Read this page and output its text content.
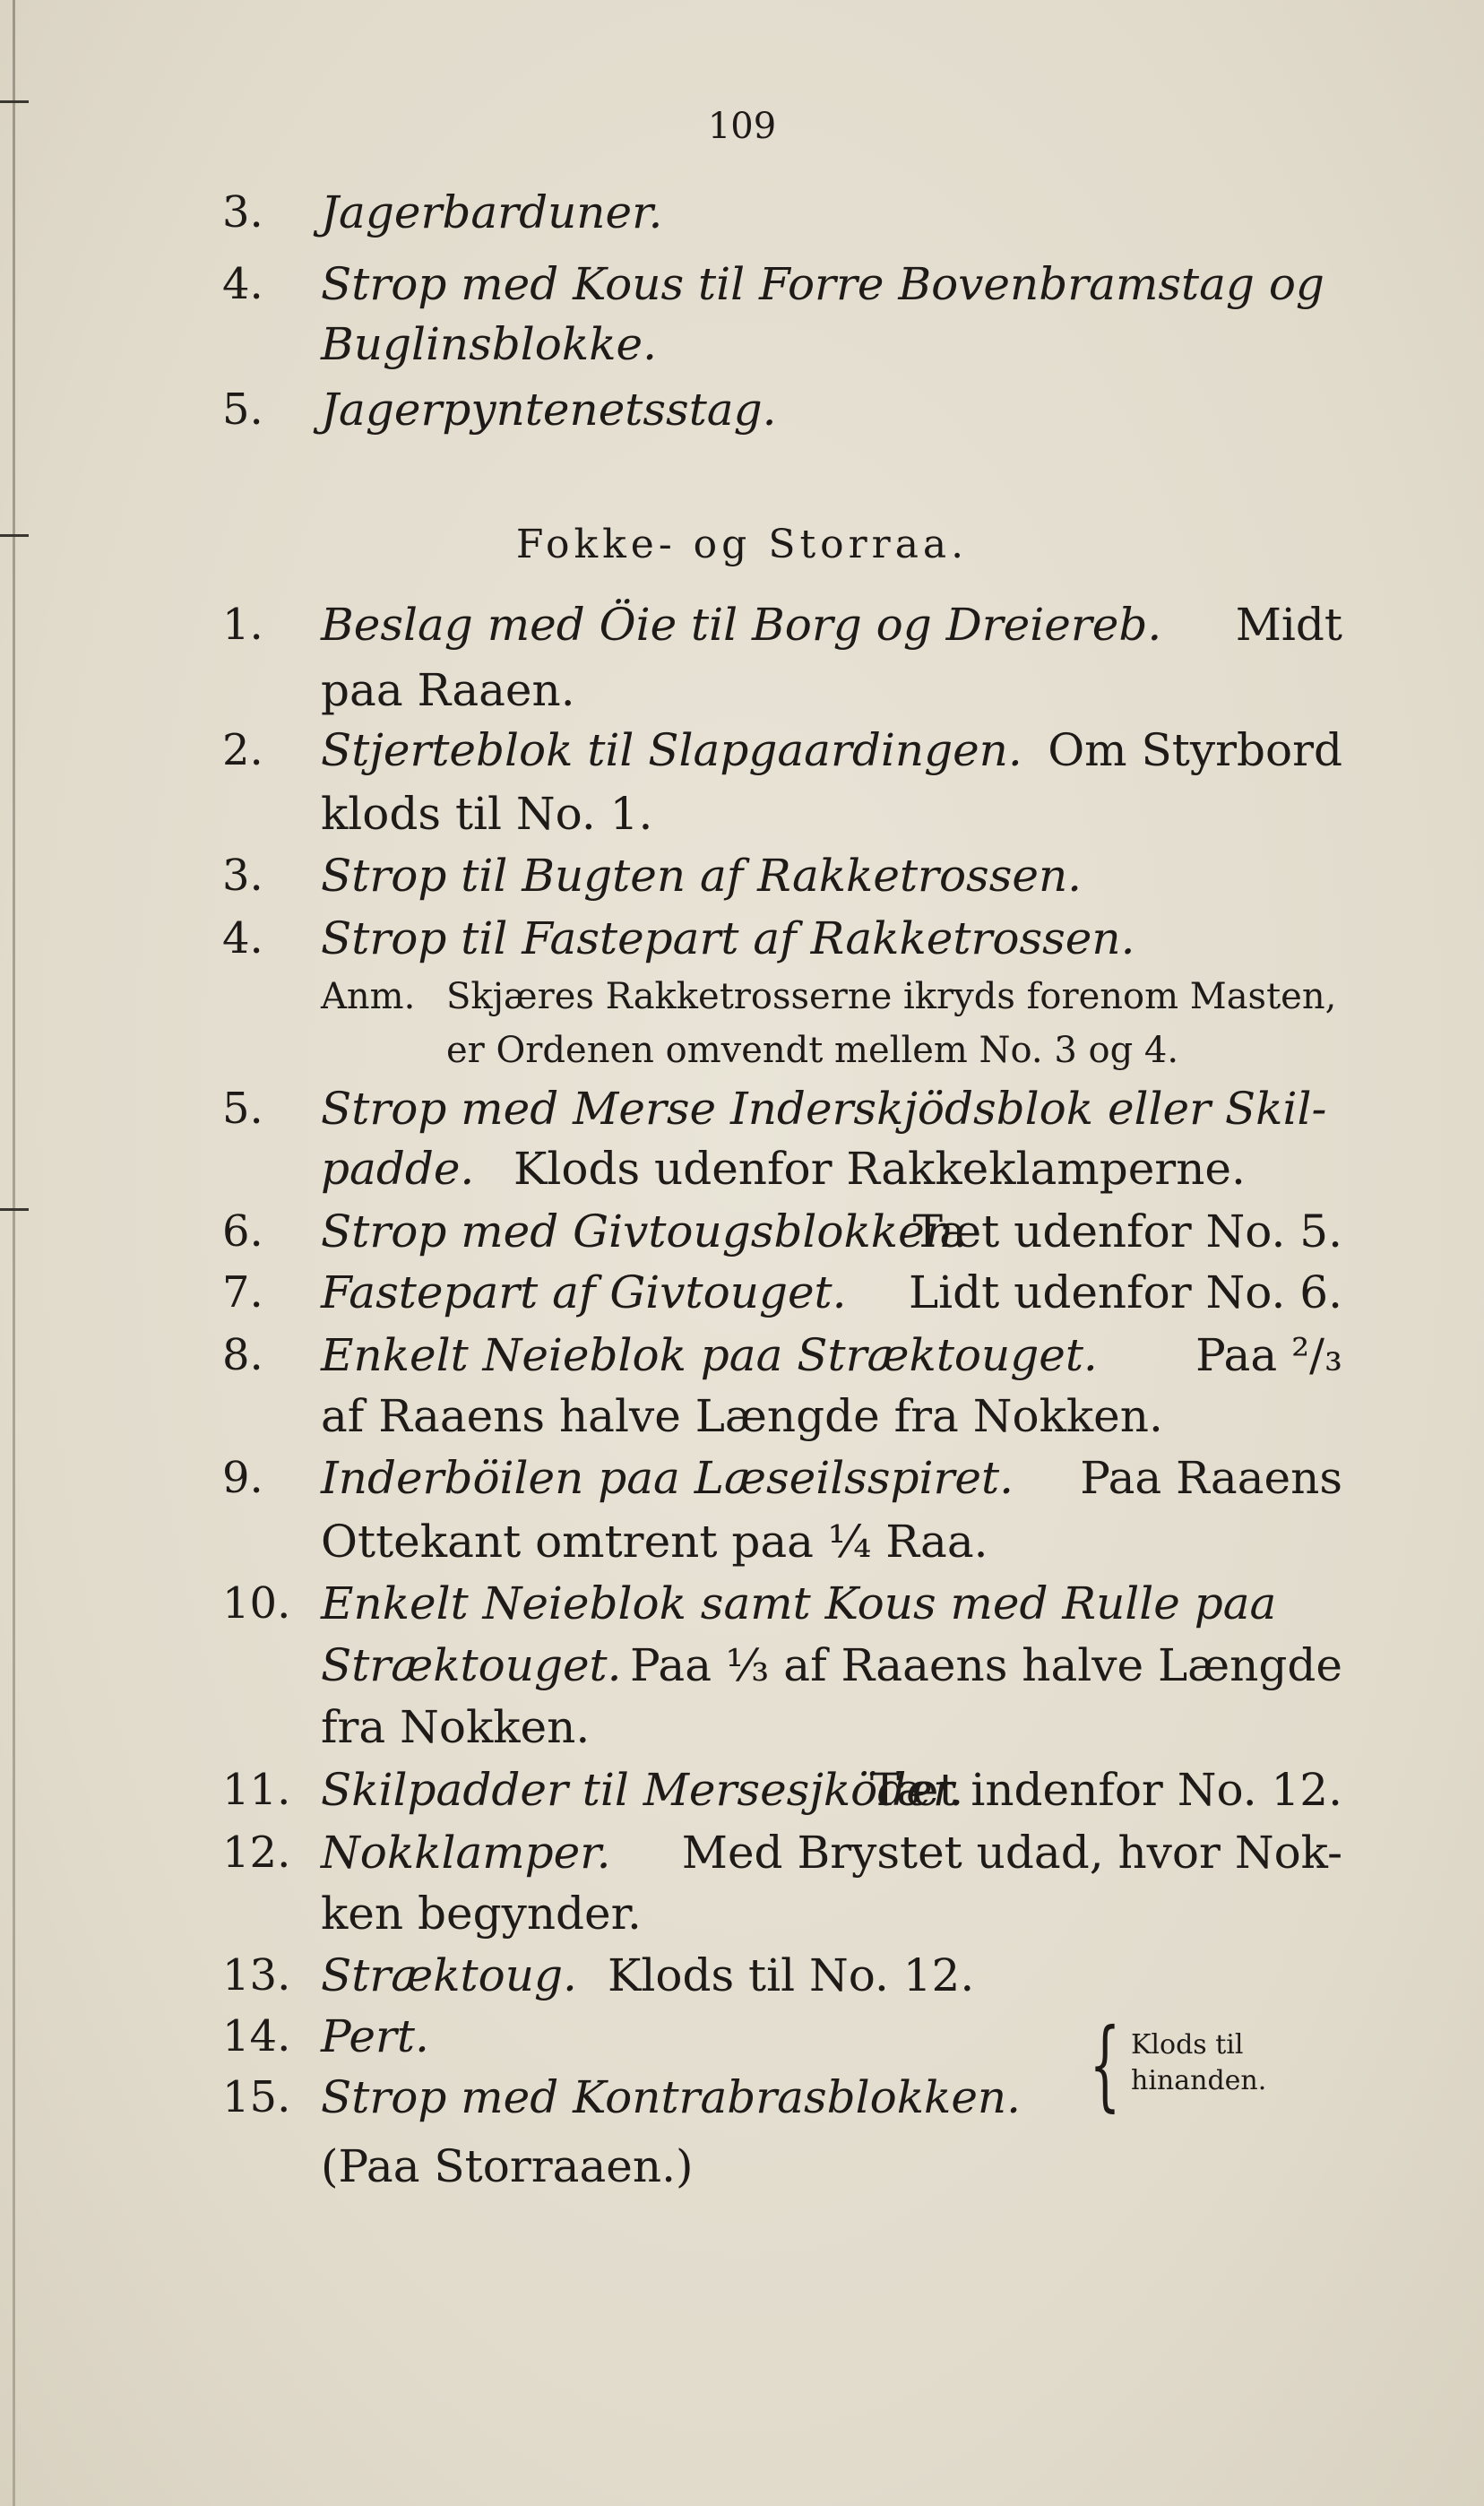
109
3. Jagerbarduner.
4. Strop med Kous til Forre Bovenbramstag og
Buglinsblokke.
5. Jagerpyntenetsstag.
Fokke- og Storraa.
1. Beslag med Öie til Borg og Dreiereb. Midt
paa Raaen.
2. Stjerteblok til Slapgaardingen. Om Styrbord
klods til No. 1.
3. Strop til Bugten af Rakketrossen.
4. Strop til Fastepart af Rakketrossen.
Anm. Skjæres Rakketrosserne ikryds forenom Masten,
er Ordenen omvendt mellem No. 3 og 4.
5. Strop med Merse Inderskjödsblok eller Skil-
padde. Klods udenfor Rakkeklamperne.
6. Strop med Givtougsblokken.
Tæt udenfor No. 5.
7. Fastepart af Givtouget. Lidt udenfor No. 6.
8. Enkelt Neieblok paa Stræktouget. Paa ²/₃
af Raaens halve Længde fra Nokken.
9. Inderböilen paa Læseilsspiret. Paa Raaens
Ottekant omtrent paa ¼ Raa.
10. Enkelt Neieblok samt Kous med Rulle paa
Stræktouget. Paa ⅓ af Raaens halve Længde
fra Nokken.
11. Skilpadder til Mersesjköder.
Tæt indenfor No. 12.
12. Nokklamper. Med Brystet udad, hvor Nok-
ken begynder.
13. Stræktoug. Klods til No. 12.
14. Pert.
15. Strop med Kontrabrasblokken.
(Paa Storraaen.)
{ Klods til
hinanden.
